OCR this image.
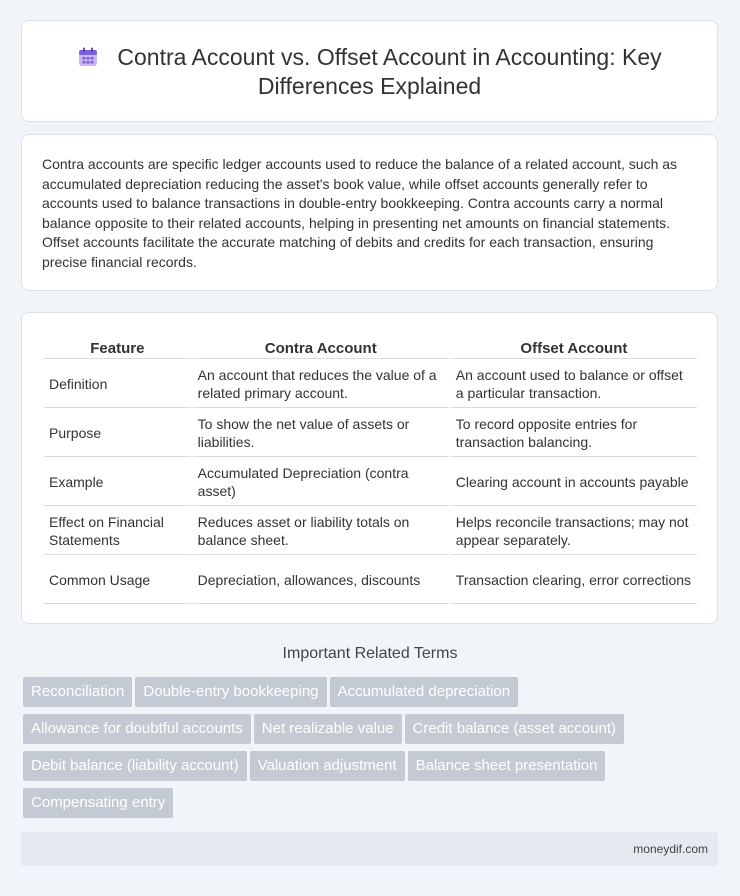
Contra Account vs. Offset Account in Accounting: Key Differences Explained
Contra accounts are specific ledger accounts used to reduce the balance of a related account, such as accumulated depreciation reducing the asset's book value, while offset accounts generally refer to accounts used to balance transactions in double-entry bookkeeping. Contra accounts carry a normal balance opposite to their related accounts, helping in presenting net amounts on financial statements. Offset accounts facilitate the accurate matching of debits and credits for each transaction, ensuring precise financial records.
Feature	Contra Account	Offset Account
Definition	An account that reduces the value of a related primary account.	An account used to balance or offset a particular transaction.
Purpose	To show the net value of assets or liabilities.	To record opposite entries for transaction balancing.
Example	Accumulated Depreciation (contra asset)	Clearing account in accounts payable
Effect on Financial Statements	Reduces asset or liability totals on balance sheet.	Helps reconcile transactions; may not appear separately.
Common Usage	Depreciation, allowances, discounts	Transaction clearing, error corrections
Important Related Terms
Reconciliation Double-entry bookkeeping Accumulated depreciation
Allowance for doubtful accounts Net realizable value Credit balance (asset account)
Debit balance (liability account) Valuation adjustment Balance sheet presentation
Compensating entry
moneydif.com
